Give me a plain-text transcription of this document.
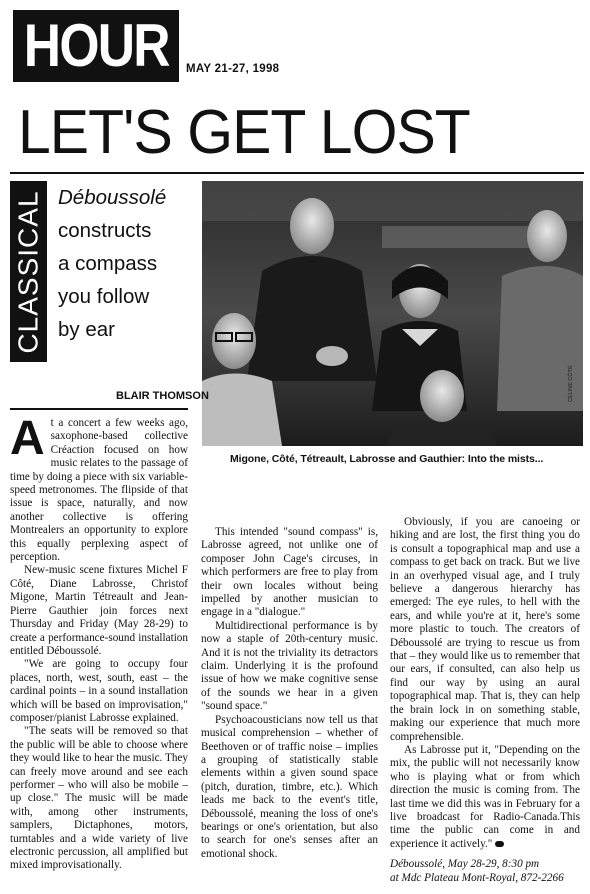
HOUR MAY 21-27, 1998
LET'S GET LOST
CLASSICAL Déboussolé
constructs
a compass
you follow
by ear
CÉLINE CÔTÉ
Migone, Côté, Tétreault, Labrosse and Gauthier: Into the mists...
BLAIR THOMSON

At a concert a few weeks ago, saxophone-based collective Créaction focused on how music relates to the passage of time by doing a piece with six variable-speed metronomes. The flipside of that issue is space, naturally, and now another collective is offering Montrealers an opportunity to explore this equally perplexing aspect of perception.

New-music scene fixtures Michel F Côté, Diane Labrosse, Christof Migone, Martin Tétreault and Jean-Pierre Gauthier join forces next Thursday and Friday (May 28-29) to create a performance-sound installation entitled Déboussolé.

"We are going to occupy four places, north, west, south, east – the cardinal points – in a sound installation which will be based on improvisation," composer/pianist Labrosse explained.

"The seats will be removed so that the public will be able to choose where they would like to hear the music. They can freely move around and see each performer – who will also be mobile – up close." The music will be made with, among other instruments, samplers, Dictaphones, motors, turntables and a wide variety of live electronic percussion, all amplified but mixed improvisationally.

This intended "sound compass" is, Labrosse agreed, not unlike one of composer John Cage's circuses, in which performers are free to play from their own locales without being impelled by another musician to engage in a "dialogue."

Multidirectional performance is by now a staple of 20th-century music. And it is not the triviality its detractors claim. Underlying it is the profound issue of how we make cognitive sense of the sounds we hear in a given "sound space."

Psychoacousticians now tell us that musical comprehension – whether of Beethoven or of traffic noise – implies a grouping of statistically stable elements within a given sound space (pitch, duration, timbre, etc.). Which leads me back to the event's title, Déboussolé, meaning the loss of one's bearings or one's orientation, but also to search for one's senses after an emotional shock.

Obviously, if you are canoeing or hiking and are lost, the first thing you do is consult a topographical map and use a compass to get back on track. But we live in an overhyped visual age, and I truly believe a dangerous hierarchy has emerged: The eye rules, to hell with the ears, and while you're at it, here's some more plastic to touch. The creators of Déboussolé are trying to rescue us from that – they would like us to remember that our ears, if consulted, can also help us find our way by using an aural topographical map. That is, they can help the brain lock in on something stable, making our experience that much more comprehensible.

As Labrosse put it, "Depending on the mix, the public will not necessarily know who is playing what or from which direction the music is coming from. The last time we did this was in February for a live broadcast for Radio-Canada.This time the public can come in and experience it actively."

Déboussolé, May 28-29, 8:30 pm
at Mdc Plateau Mont-Royal, 872-2266
